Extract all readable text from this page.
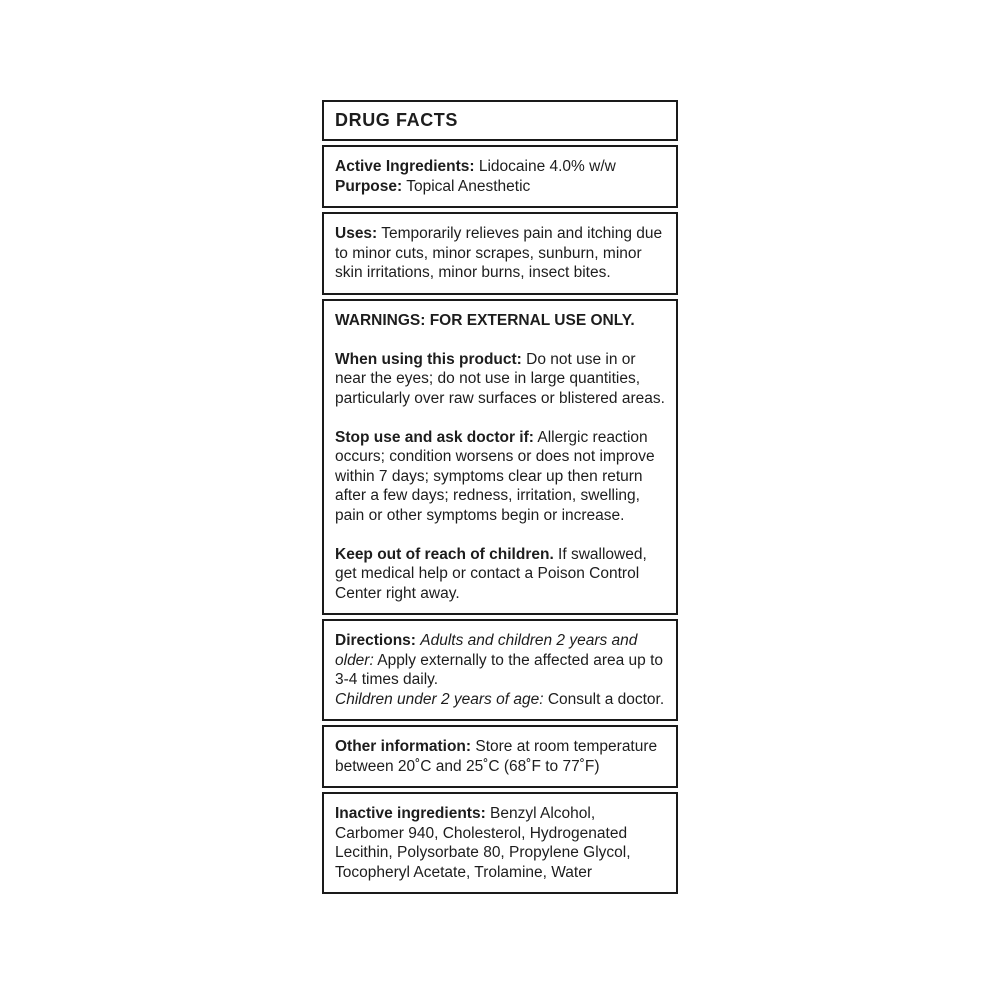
DRUG FACTS

Active Ingredients: Lidocaine 4.0% w/w

Purpose: Topical Anesthetic

Uses: Temporarily relieves pain and itching due to minor cuts, minor scrapes, sunburn, minor skin irritations, minor burns, insect bites.

WARNINGS: FOR EXTERNAL USE ONLY.

When using this product: Do not use in or near the eyes; do not use in large quantities, particularly over raw surfaces or blistered areas.

Stop use and ask doctor if: Allergic reaction occurs; condition worsens or does not improve within 7 days; symptoms clear up then return after a few days; redness, irritation, swelling, pain or other symptoms begin or increase.

Keep out of reach of children. If swallowed, get medical help or contact a Poison Control Center right away.

Directions: Adults and children 2 years and older: Apply externally to the affected area up to 3-4 times daily.

Children under 2 years of age: Consult a doctor.

Other information: Store at room temperature between 20˚C and 25˚C (68˚F to 77˚F)

Inactive ingredients: Benzyl Alcohol, Carbomer 940, Cholesterol, Hydrogenated Lecithin, Polysorbate 80, Propylene Glycol, Tocopheryl Acetate, Trolamine, Water
